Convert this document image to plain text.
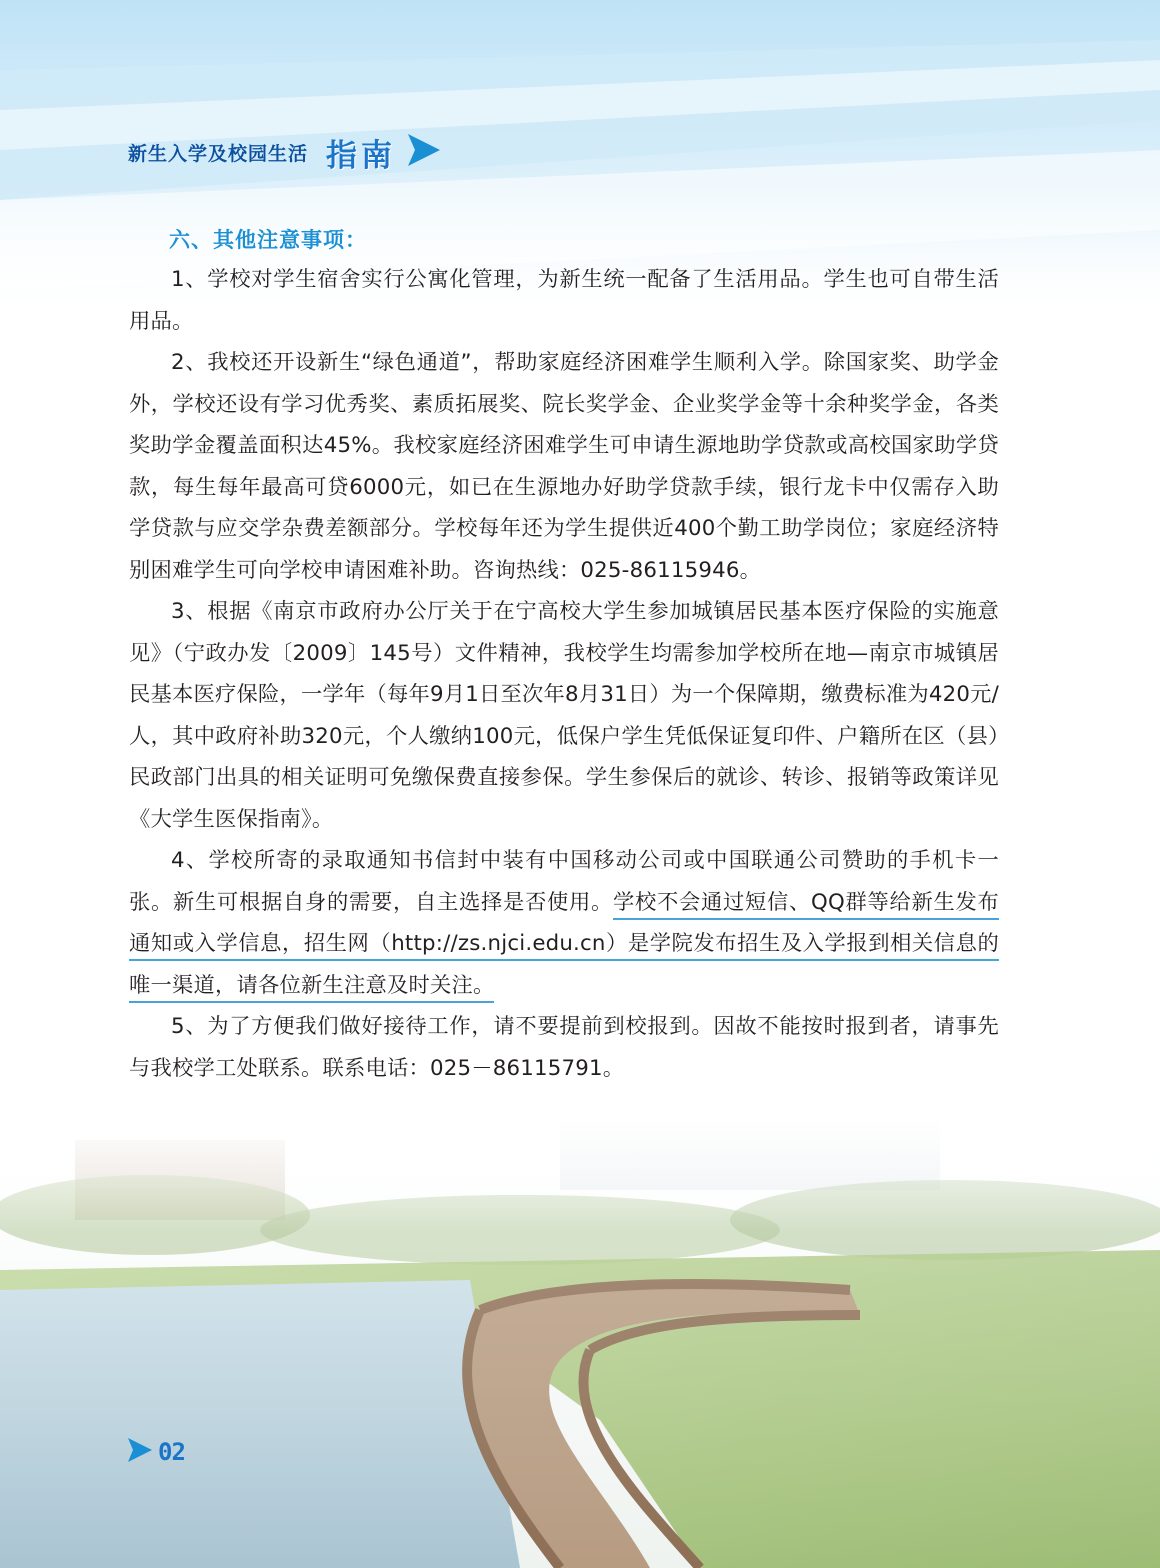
新生入学及校园生活 指南
六、其他注意事项：

1、学校对学生宿舍实行公寓化管理，为新生统一配备了生活用品。学生也可自带生活用品。

2、我校还开设新生“绿色通道”，帮助家庭经济困难学生顺利入学。除国家奖、助学金外，学校还设有学习优秀奖、素质拓展奖、院长奖学金、企业奖学金等十余种奖学金，各类奖助学金覆盖面积达45%。我校家庭经济困难学生可申请生源地助学贷款或高校国家助学贷款，每生每年最高可贷6000元，如已在生源地办好助学贷款手续，银行龙卡中仅需存入助学贷款与应交学杂费差额部分。学校每年还为学生提供近400个勤工助学岗位；家庭经济特别困难学生可向学校申请困难补助。咨询热线：025-86115946。

3、根据《南京市政府办公厅关于在宁高校大学生参加城镇居民基本医疗保险的实施意见》（宁政办发〔2009〕145号）文件精神，我校学生均需参加学校所在地—南京市城镇居民基本医疗保险，一学年（每年9月1日至次年8月31日）为一个保障期，缴费标准为420元/人，其中政府补助320元，个人缴纳100元，低保户学生凭低保证复印件、户籍所在区（县）民政部门出具的相关证明可免缴保费直接参保。学生参保后的就诊、转诊、报销等政策详见《大学生医保指南》。

4、学校所寄的录取通知书信封中装有中国移动公司或中国联通公司赞助的手机卡一张。新生可根据自身的需要，自主选择是否使用。学校不会通过短信、QQ群等给新生发布通知或入学信息，招生网（http://zs.njci.edu.cn）是学院发布招生及入学报到相关信息的唯一渠道，请各位新生注意及时关注。

5、为了方便我们做好接待工作，请不要提前到校报到。因故不能按时报到者，请事先与我校学工处联系。联系电话：025－86115791。

02
